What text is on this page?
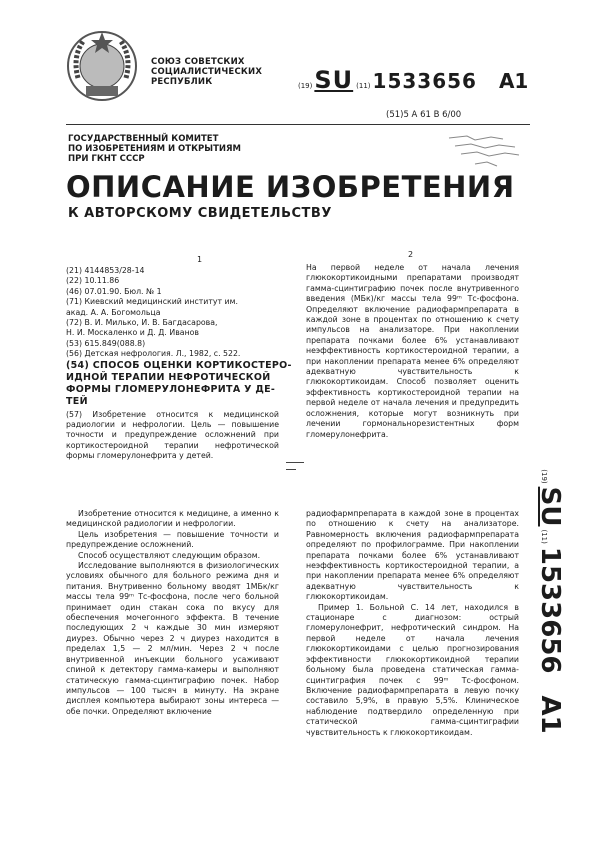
СОЮЗ СОВЕТСКИХ
СОЦИАЛИСТИЧЕСКИХ
РЕСПУБЛИК	(19) SU (11) 1533656 A1
(51)5 А 61 В 6/00
ГОСУДАРСТВЕННЫЙ КОМИТЕТ
ПО ИЗОБРЕТЕНИЯМ И ОТКРЫТИЯМ
ПРИ ГКНТ СССР
ОПИСАНИЕ ИЗОБРЕТЕНИЯ
К АВТОРСКОМУ СВИДЕТЕЛЬСТВУ
1
2
(21) 4144853/28-14
(22) 10.11.86
(46) 07.01.90. Бюл. № 1
(71) Киевский медицинский институт им.
акад. А. А. Богомольца
(72) В. И. Милько, И. В. Багдасарова,
Н. И. Москаленко и Д. Д. Иванов
(53) 615.849(088.8)
(56) Детская нефрология. Л., 1982, с. 522.
(54) СПОСОБ ОЦЕНКИ КОРТИКОСТЕРО-
ИДНОЙ ТЕРАПИИ НЕФРОТИЧЕСКОЙ
ФОРМЫ ГЛОМЕРУЛОНЕФРИТА У ДЕ-
ТЕЙ

(57) Изобретение относится к медицинской радиологии и нефрологии. Цель — повышение точности и предупреждение осложнений при кортикостероидной терапии нефротической формы гломерулонефрита у детей.

На первой неделе от начала лечения глюкокортикоидными препаратами производят гамма-сцинтиграфию почек после внутривенного введения (МБк)/кг массы тела 99ᵐ Тс-фосфона. Определяют включение радиофармпрепарата в каждой зоне в процентах по отношению к счету импульсов на анализаторе. При накоплении препарата почками более 6% устанавливают неэффективность кортикостероидной терапии, а при накоплении препарата менее 6% определяют адекватную чувствительность к глюкокортикоидам. Способ позволяет оценить эффективность кортикостероидной терапии на первой неделе от начала лечения и предупредить осложнения, которые могут возникнуть при лечении гормональнорезистентных форм гломерулонефрита.

Изобретение относится к медицине, а именно к медицинской радиологии и нефрологии.

Цель изобретения — повышение точности и предупреждение осложнений.

Способ осуществляют следующим образом.

Исследование выполняются в физиологических условиях обычного для больного режима дня и питания. Внутривенно больному вводят 1МБк/кг массы тела 99ᵐ Тс-фосфона, после чего больной принимает один стакан сока по вкусу для обеспечения мочегонного эффекта. В течение последующих 2 ч каждые 30 мин измеряют диурез. Обычно через 2 ч диурез находится в пределах 1,5 — 2 мл/мин. Через 2 ч после внутривенной инъекции больного усаживают спиной к детектору гамма-камеры и выполняют статическую гамма-сцинтиграфию почек. Набор импульсов — 100 тысяч в минуту. На экране дисплея компьютера выбирают зоны интереса — обе почки. Определяют включение

радиофармпрепарата в каждой зоне в процентах по отношению к счету на анализаторе. Равномерность включения радиофармпрепарата определяют по профилограмме. При накоплении препарата почками более 6% устанавливают неэффективность кортикостероидной терапии, а при накоплении препарата менее 6% определяют адекватную чувствительность к глюкокортикоидам.

Пример 1. Больной С. 14 лет, находился в стационаре с диагнозом: острый гломерулонефрит, нефротический синдром. На первой неделе от начала лечения глюкокортикоидами с целью прогнозирования эффективности глюкокортикоидной терапии больному была проведена статическая гамма-сцинтиграфия почек с 99ᵐ Тс-фосфоном. Включение радиофармпрепарата в левую почку составило 5,9%, в правую 5,5%. Клиническое наблюдение подтвердило определенную при статической гамма-сцинтиграфии чувствительность к глюкокортикоидам.

(19)
SU
(11)
1533656
A1
